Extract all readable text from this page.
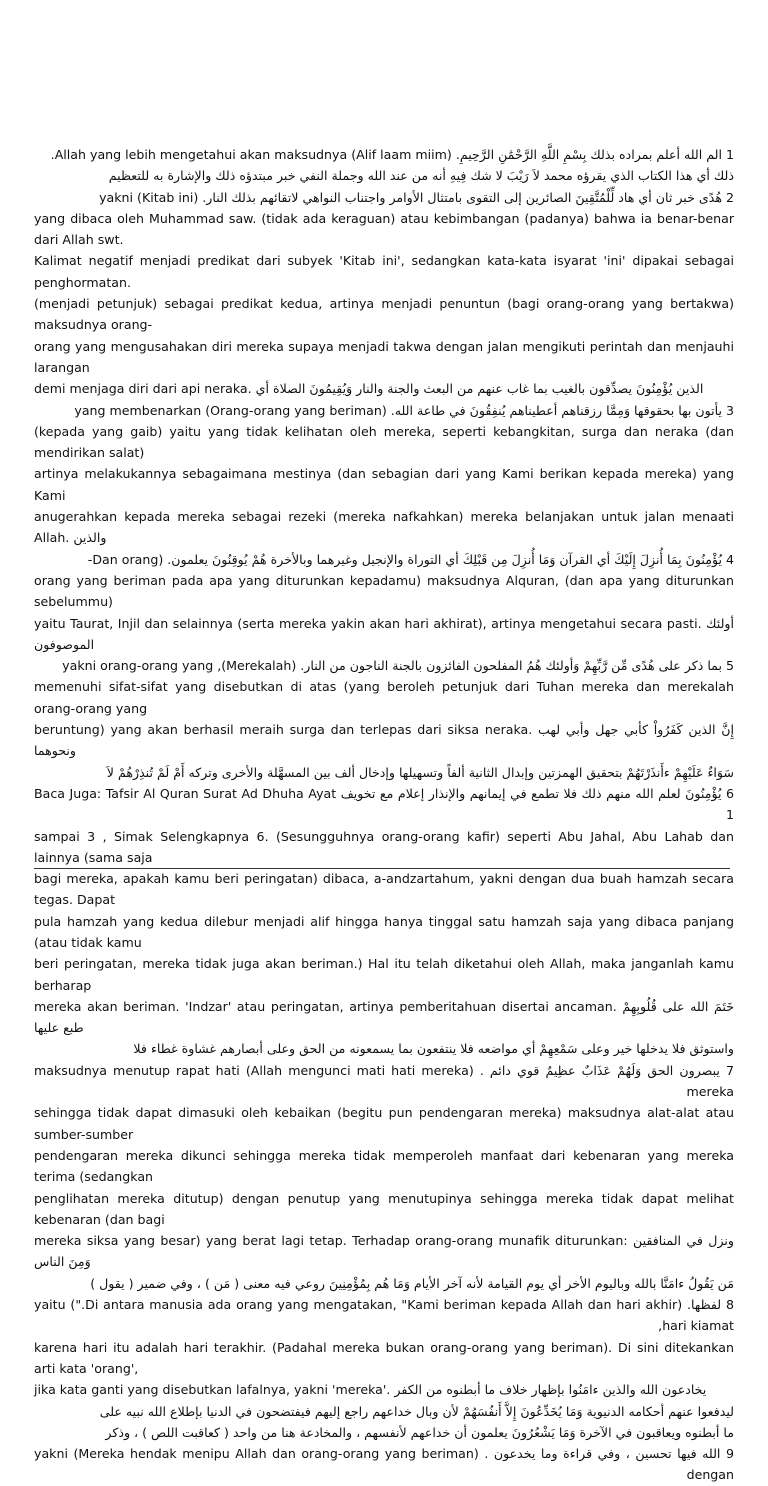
1 الم الله أعلم بمراده بذلك بِسْمِ اللَّهِ الرَّحْمَٰنِ الرَّحِيمِ. (Alif laam miim) Allah yang lebih mengetahui akan maksudnya.

ذلك أي هذا الكتاب الذي يقرؤه محمد لاَ رَيْبَ لا شك فِيهِ أنه من عند الله وجملة النفي خبر مبتدؤه ذلك والإشارة به للتعظيم

2 هُدًى خبر ثان أي هاد لِّلْمُتَّقِينَ الصائرين إلى التقوى بامتثال الأوامر واجتناب النواهي لاتقائهم بذلك النار. (Kitab ini) yakni

yang dibaca oleh Muhammad saw. (tidak ada keraguan) atau kebimbangan (padanya) bahwa ia benar-benar dari Allah swt.

Kalimat negatif menjadi predikat dari subyek 'Kitab ini', sedangkan kata-kata isyarat 'ini' dipakai sebagai penghormatan.

(menjadi petunjuk) sebagai predikat kedua, artinya menjadi penuntun (bagi orang-orang yang bertakwa) maksudnya orang-

orang yang mengusahakan diri mereka supaya menjadi takwa dengan jalan mengikuti perintah dan menjauhi larangan

demi menjaga diri dari api neraka. الذين يُؤْمِنُونَ يصدِّقون بالغيب بما غاب عنهم من البعث والجنة والنار وَيُقِيمُونَ الصلاة أي

3 يأتون بها بحقوقها وَمِمَّا رزقناهم أعطيناهم يُنفِقُونَ في طاعة الله. (Orang-orang yang beriman) yang membenarkan

(kepada yang gaib) yaitu yang tidak kelihatan oleh mereka, seperti kebangkitan, surga dan neraka (dan mendirikan salat)

artinya melakukannya sebagaimana mestinya (dan sebagian dari yang Kami berikan kepada mereka) yang Kami

anugerahkan kepada mereka sebagai rezeki (mereka nafkahkan) mereka belanjakan untuk jalan menaati Allah. والذين

4 يُؤْمِنُونَ بِمَا أُنزِلَ إِلَيْكَ أي القرآن وَمَا أُنزِلَ مِن قَبْلِكَ أي التوراة والإنجيل وغيرهما وبالأخرة هُمْ يُوقِنُونَ يعلمون. (Dan orang-

orang yang beriman pada apa yang diturunkan kepadamu) maksudnya Alquran, (dan apa yang diturunkan sebelummu)

yaitu Taurat, Injil dan selainnya (serta mereka yakin akan hari akhirat), artinya mengetahui secara pasti. أولئك الموصوفون

5 بما ذكر على هُدًى مِّن رَّبِّهِمْ وَأولئك هُمُ المفلحون الفائزون بالجنة الناجون من النار. (Merekalah), yakni orang-orang yang

memenuhi sifat-sifat yang disebutkan di atas (yang beroleh petunjuk dari Tuhan mereka dan merekalah orang-orang yang

beruntung) yang akan berhasil meraih surga dan terlepas dari siksa neraka. إِنَّ الذين كَفَرُواْ كأبي جهل وأبي لهب ونحوهما

سَوَاءٌ عَلَيْهِمْ ءأَنذَرْتَهُمْ بتحقيق الهمزتين وإبدال الثانية ألفاً وتسهيلها وإدخال ألف بين المسهَّلة والأخرى وتركه أَمْ لَمْ تُنذِرْهُمْ لاَ

6 يُؤْمِنُونَ لعلم الله منهم ذلك فلا تطمع في إيمانهم والإنذار إعلام مع تخويف Baca Juga: Tafsir Al Quran Surat Ad Dhuha Ayat 1

sampai 3 , Simak Selengkapnya 6. (Sesungguhnya orang-orang kafir) seperti Abu Jahal, Abu Lahab dan lainnya (sama saja

bagi mereka, apakah kamu beri peringatan) dibaca, a-andzartahum, yakni dengan dua buah hamzah secara tegas. Dapat

pula hamzah yang kedua dilebur menjadi alif hingga hanya tinggal satu hamzah saja yang dibaca panjang (atau tidak kamu

beri peringatan, mereka tidak juga akan beriman.) Hal itu telah diketahui oleh Allah, maka janganlah kamu berharap

mereka akan beriman. 'Indzar' atau peringatan, artinya pemberitahuan disertai ancaman. خَتَمَ الله على قُلُوبِهِمْ طبع عليها

واستوثق فلا يدخلها خير وعلى سَمْعِهِمْ أي مواضعه فلا ينتفعون بما يسمعونه من الحق وعلى أبصارهم غشاوة غطاء فلا

7 يبصرون الحق وَلَهُمْ عَذَابٌ عظِيمٌ قوي دائم . (Allah mengunci mati hati mereka) maksudnya menutup rapat hati mereka

sehingga tidak dapat dimasuki oleh kebaikan (begitu pun pendengaran mereka) maksudnya alat-alat atau sumber-sumber

pendengaran mereka dikunci sehingga mereka tidak memperoleh manfaat dari kebenaran yang mereka terima (sedangkan

penglihatan mereka ditutup) dengan penutup yang menutupinya sehingga mereka tidak dapat melihat kebenaran (dan bagi

mereka siksa yang besar) yang berat lagi tetap. Terhadap orang-orang munafik diturunkan: ونزل في المنافقين وَمِنَ الناس

مَن يَقُولُ ءامَنَّا بالله وباليوم الأخر أي يوم القيامة لأنه آخر الأيام وَمَا هُم بِمُؤْمِنِينَ روعي فيه معنى ( مَن ) ، وفي ضمير ( يقول )

8 لفظها. (Di antara manusia ada orang yang mengatakan, "Kami beriman kepada Allah dan hari akhir.") yaitu hari kiamat,

karena hari itu adalah hari terakhir. (Padahal mereka bukan orang-orang yang beriman). Di sini ditekankan arti kata 'orang',

jika kata ganti yang disebutkan lafalnya, yakni 'mereka'. يخادعون الله والذين ءامَنُوا بإظهار خلاف ما أبطنوه من الكفر

ليدفعوا عنهم أحكامه الدنيوية وَمَا يُخَدِّعُونَ إِلاَّ أَنفُسَهُمْ لأن وبال خداعهم راجع إليهم فيفتضحون في الدنيا بإطلاع الله نبيه على

ما أبطنوه ويعاقبون في الآخرة وَمَا يَشْعُرُونَ يعلمون أن خداعهم لأنفسهم ، والمخادعة هنا من واحد ( كعاقبت اللص ) ، وذكر

9 الله فيها تحسين ، وفي قراءة وما يخدعون . (Mereka hendak menipu Allah dan orang-orang yang beriman) yakni dengan
